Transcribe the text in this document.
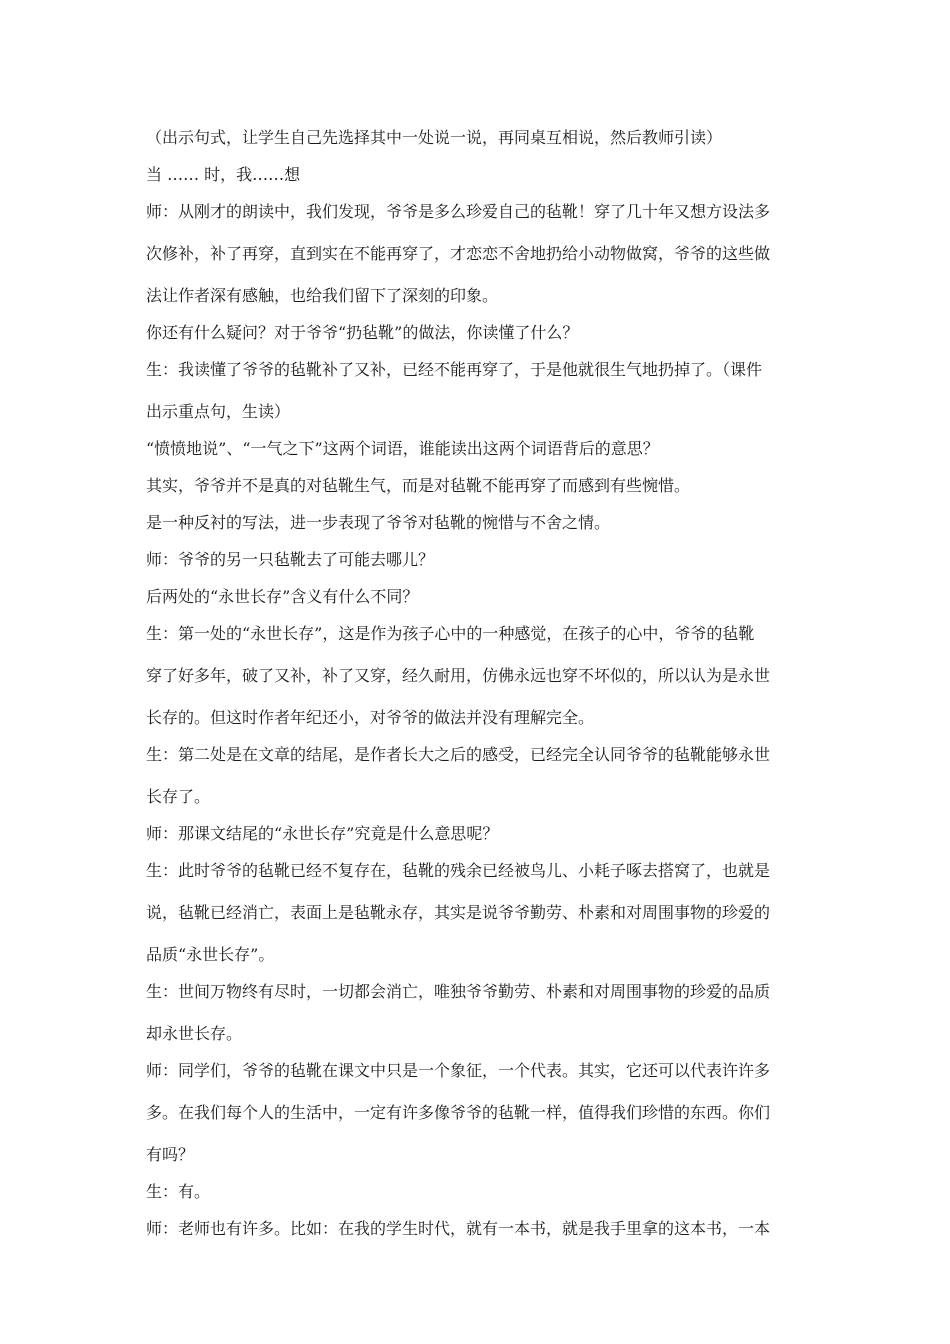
（出示句式，让学生自己先选择其中一处说一说，再同桌互相说，然后教师引读）
当 …… 时，我……想
师：从刚才的朗读中，我们发现，爷爷是多么珍爱自己的毡靴！穿了几十年又想方设法多
次修补，补了再穿，直到实在不能再穿了，才恋恋不舍地扔给小动物做窝，爷爷的这些做
法让作者深有感触，也给我们留下了深刻的印象。
你还有什么疑问？对于爷爷“扔毡靴”的做法，你读懂了什么？
生：我读懂了爷爷的毡靴补了又补，已经不能再穿了，于是他就很生气地扔掉了。（课件
出示重点句，生读）
“愤愤地说”、“一气之下”这两个词语，谁能读出这两个词语背后的意思？
其实，爷爷并不是真的对毡靴生气，而是对毡靴不能再穿了而感到有些惋惜。
是一种反衬的写法，进一步表现了爷爷对毡靴的惋惜与不舍之情。
师：爷爷的另一只毡靴去了可能去哪儿？
后两处的“永世长存”含义有什么不同？
生：第一处的“永世长存”，这是作为孩子心中的一种感觉，在孩子的心中，爷爷的毡靴
穿了好多年，破了又补，补了又穿，经久耐用，仿佛永远也穿不坏似的，所以认为是永世
长存的。但这时作者年纪还小，对爷爷的做法并没有理解完全。
生：第二处是在文章的结尾，是作者长大之后的感受，已经完全认同爷爷的毡靴能够永世
长存了。
师：那课文结尾的“永世长存”究竟是什么意思呢？
生：此时爷爷的毡靴已经不复存在，毡靴的残余已经被鸟儿、小耗子啄去搭窝了，也就是
说，毡靴已经消亡，表面上是毡靴永存，其实是说爷爷勤劳、朴素和对周围事物的珍爱的
品质“永世长存”。
生：世间万物终有尽时，一切都会消亡，唯独爷爷勤劳、朴素和对周围事物的珍爱的品质
却永世长存。
师：同学们，爷爷的毡靴在课文中只是一个象征，一个代表。其实，它还可以代表许许多
多。在我们每个人的生活中，一定有许多像爷爷的毡靴一样，值得我们珍惜的东西。你们
有吗？
生：有。
师：老师也有许多。比如：在我的学生时代，就有一本书，就是我手里拿的这本书，一本
